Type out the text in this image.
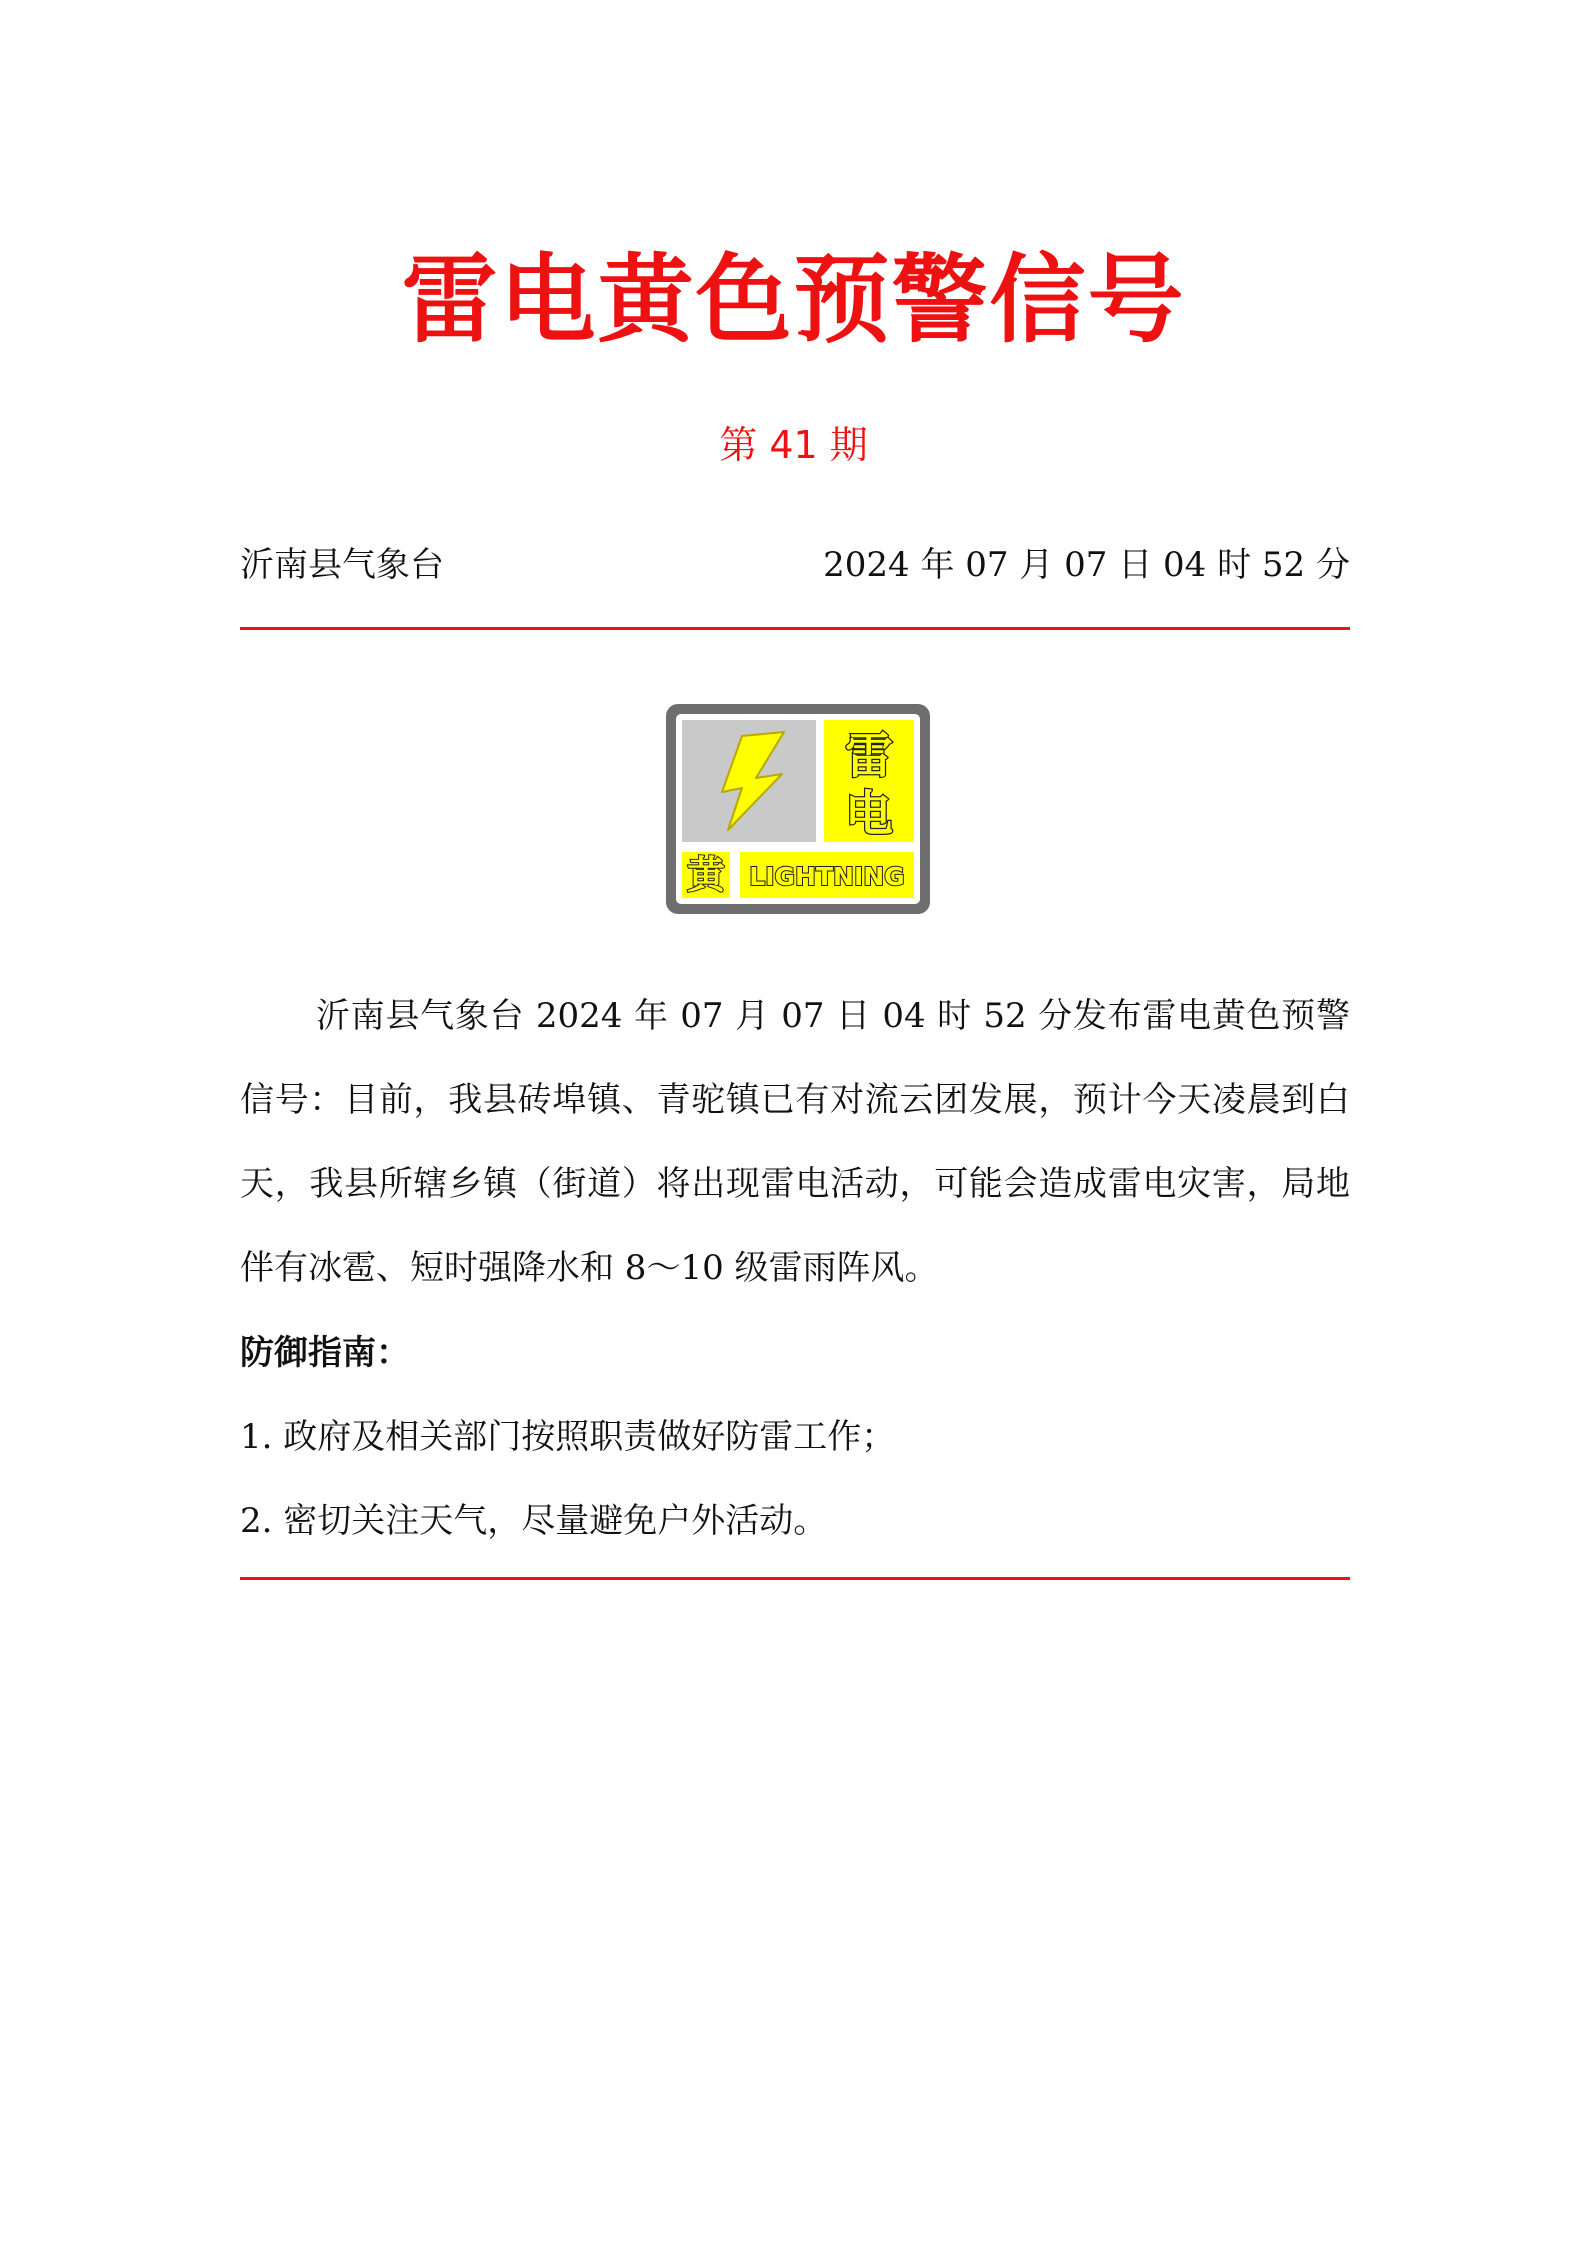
雷电黄色预警信号
第 41 期
沂南县气象台	2024 年 07 月 07 日 04 时 52 分
雷
电
黄 LIGHTNING
沂南县气象台 2024 年 07 月 07 日 04 时 52 分发布雷电黄色预警信号：目前，我县砖埠镇、青驼镇已有对流云团发展，预计今天凌晨到白天，我县所辖乡镇（街道）将出现雷电活动，可能会造成雷电灾害，局地伴有冰雹、短时强降水和 8～10 级雷雨阵风。
防御指南：
1. 政府及相关部门按照职责做好防雷工作；
2. 密切关注天气，尽量避免户外活动。
